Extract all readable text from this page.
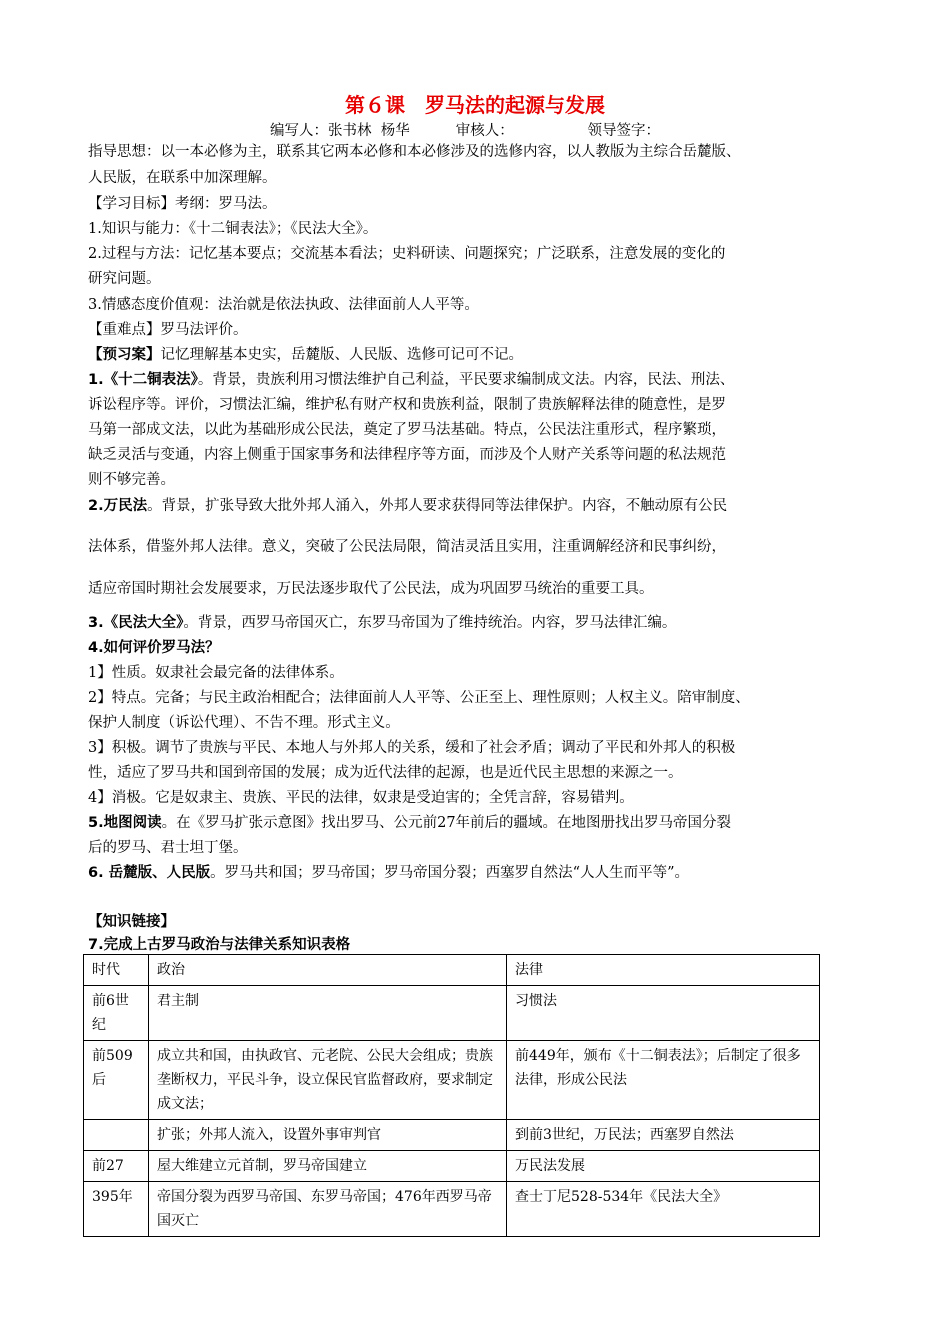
第６课　罗马法的起源与发展
编写人：张书林  杨华          审核人：                领导签字：
指导思想：以一本必修为主，联系其它两本必修和本必修涉及的选修内容，以人教版为主综合岳麓版、
人民版，在联系中加深理解。
【学习目标】考纲：罗马法。
1.知识与能力：《十二铜表法》；《民法大全》。
2.过程与方法：记忆基本要点；交流基本看法；史料研读、问题探究；广泛联系，注意发展的变化的
研究问题。
3.情感态度价值观：法治就是依法执政、法律面前人人平等。
【重难点】罗马法评价。
【预习案】记忆理解基本史实，岳麓版、人民版、选修可记可不记。
1.《十二铜表法》。背景，贵族利用习惯法维护自己利益，平民要求编制成文法。内容，民法、刑法、
诉讼程序等。评价，习惯法汇编，维护私有财产权和贵族利益，限制了贵族解释法律的随意性，是罗
马第一部成文法，以此为基础形成公民法，奠定了罗马法基础。特点，公民法注重形式，程序繁琐，
缺乏灵活与变通，内容上侧重于国家事务和法律程序等方面，而涉及个人财产关系等问题的私法规范
则不够完善。
2.万民法。背景，扩张导致大批外邦人涌入，外邦人要求获得同等法律保护。内容，不触动原有公民
法体系，借鉴外邦人法律。意义，突破了公民法局限，简洁灵活且实用，注重调解经济和民事纠纷，
适应帝国时期社会发展要求，万民法逐步取代了公民法，成为巩固罗马统治的重要工具。
3.《民法大全》。背景，西罗马帝国灭亡，东罗马帝国为了维持统治。内容，罗马法律汇编。
4.如何评价罗马法？
1】性质。奴隶社会最完备的法律体系。
2】特点。完备；与民主政治相配合；法律面前人人平等、公正至上、理性原则；人权主义。陪审制度、
保护人制度（诉讼代理）、不告不理。形式主义。
3】积极。调节了贵族与平民、本地人与外邦人的关系，缓和了社会矛盾；调动了平民和外邦人的积极
性，适应了罗马共和国到帝国的发展；成为近代法律的起源，也是近代民主思想的来源之一。
4】消极。它是奴隶主、贵族、平民的法律，奴隶是受迫害的；全凭言辞，容易错判。
5.地图阅读。在《罗马扩张示意图》找出罗马、公元前27年前后的疆域。在地图册找出罗马帝国分裂
后的罗马、君士坦丁堡。
6. 岳麓版、人民版。罗马共和国；罗马帝国；罗马帝国分裂；西塞罗自然法“人人生而平等”。
【知识链接】
7.完成上古罗马政治与法律关系知识表格
时代	政治	法律
前6世纪	君主制	习惯法
前509后	成立共和国，由执政官、元老院、公民大会组成；贵族垄断权力，平民斗争，设立保民官监督政府，要求制定成文法；	前449年，颁布《十二铜表法》；后制定了很多法律，形成公民法
	扩张；外邦人流入，设置外事审判官	到前3世纪，万民法；西塞罗自然法
前27	屋大维建立元首制，罗马帝国建立	万民法发展
395年	帝国分裂为西罗马帝国、东罗马帝国；476年西罗马帝国灭亡	查士丁尼528-534年《民法大全》
